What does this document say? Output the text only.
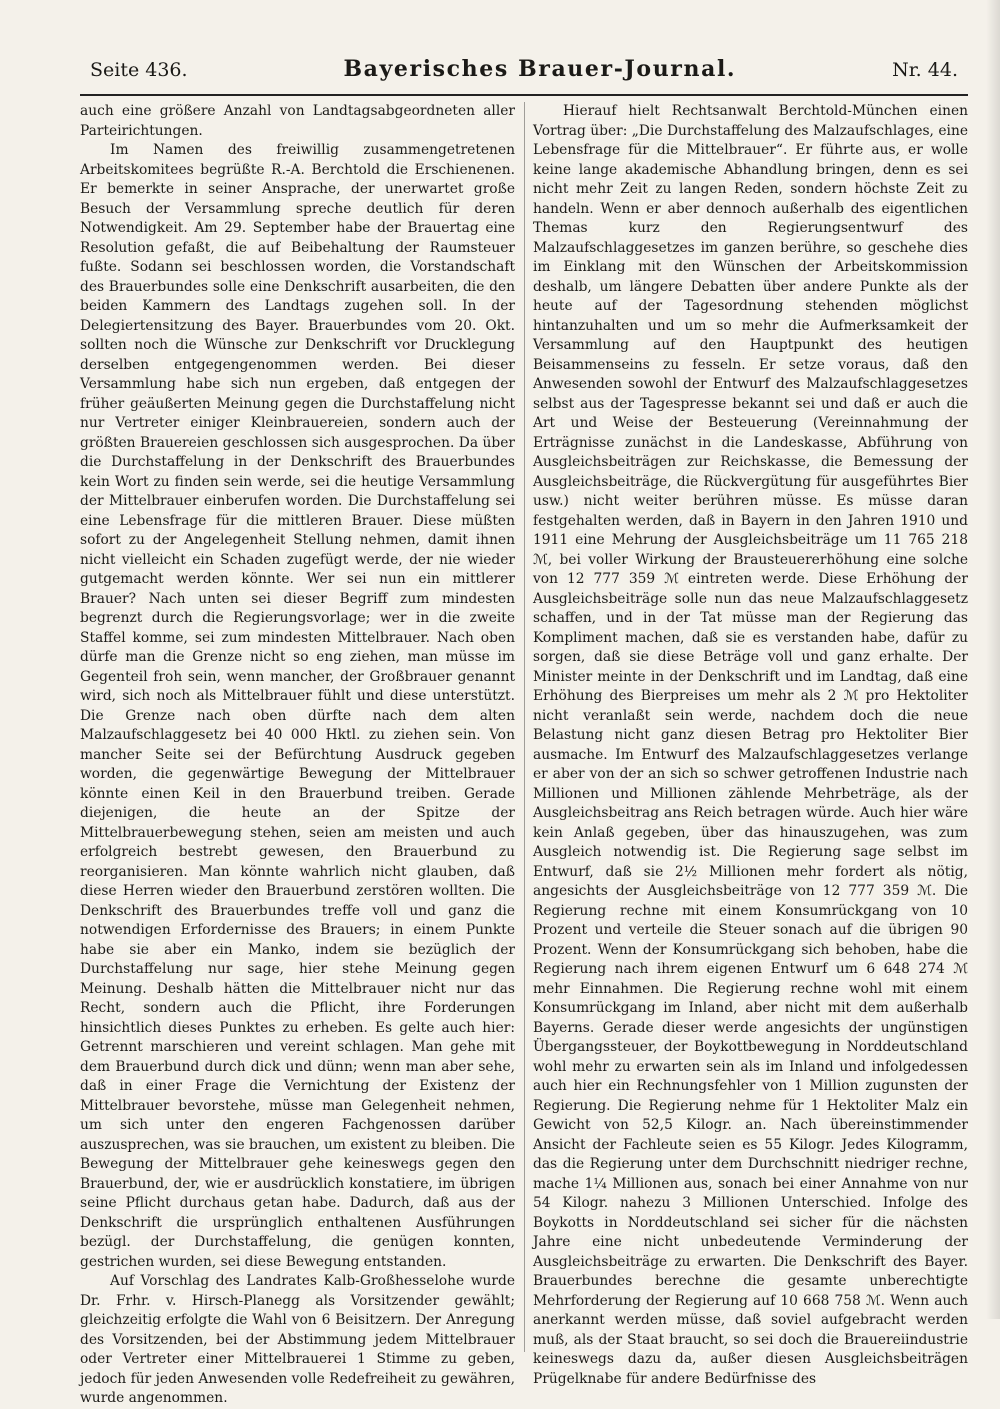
Seite 436.	Bayerisches Brauer-Journal.	Nr. 44.

auch eine größere Anzahl von Landtagsabgeordneten aller Parteirichtungen.

Im Namen des freiwillig zusammengetretenen Arbeitskomitees begrüßte R.-A. Berchtold die Erschienenen. Er bemerkte in seiner Ansprache, der unerwartet große Besuch der Versammlung spreche deutlich für deren Notwendigkeit. Am 29. September habe der Brauertag eine Resolution gefaßt, die auf Beibehaltung der Raumsteuer fußte. Sodann sei beschlossen worden, die Vorstandschaft des Brauerbundes solle eine Denkschrift ausarbeiten, die den beiden Kammern des Landtags zugehen soll. In der Delegiertensitzung des Bayer. Brauerbundes vom 20. Okt. sollten noch die Wünsche zur Denkschrift vor Drucklegung derselben entgegengenommen werden. Bei dieser Versammlung habe sich nun ergeben, daß entgegen der früher geäußerten Meinung gegen die Durchstaffelung nicht nur Vertreter einiger Kleinbrauereien, sondern auch der größten Brauereien geschlossen sich ausgesprochen. Da über die Durchstaffelung in der Denkschrift des Brauerbundes kein Wort zu finden sein werde, sei die heutige Versammlung der Mittelbrauer einberufen worden. Die Durchstaffelung sei eine Lebensfrage für die mittleren Brauer. Diese müßten sofort zu der Angelegenheit Stellung nehmen, damit ihnen nicht vielleicht ein Schaden zugefügt werde, der nie wieder gutgemacht werden könnte. Wer sei nun ein mittlerer Brauer? Nach unten sei dieser Begriff zum mindesten begrenzt durch die Regierungsvorlage; wer in die zweite Staffel komme, sei zum mindesten Mittelbrauer. Nach oben dürfe man die Grenze nicht so eng ziehen, man müsse im Gegenteil froh sein, wenn mancher, der Großbrauer genannt wird, sich noch als Mittelbrauer fühlt und diese unterstützt. Die Grenze nach oben dürfte nach dem alten Malzaufschlaggesetz bei 40 000 Hktl. zu ziehen sein. Von mancher Seite sei der Befürchtung Ausdruck gegeben worden, die gegenwärtige Bewegung der Mittelbrauer könnte einen Keil in den Brauerbund treiben. Gerade diejenigen, die heute an der Spitze der Mittelbrauerbewegung stehen, seien am meisten und auch erfolgreich bestrebt gewesen, den Brauerbund zu reorganisieren. Man könnte wahrlich nicht glauben, daß diese Herren wieder den Brauerbund zerstören wollten. Die Denkschrift des Brauerbundes treffe voll und ganz die notwendigen Erfordernisse des Brauers; in einem Punkte habe sie aber ein Manko, indem sie bezüglich der Durchstaffelung nur sage, hier stehe Meinung gegen Meinung. Deshalb hätten die Mittelbrauer nicht nur das Recht, sondern auch die Pflicht, ihre Forderungen hinsichtlich dieses Punktes zu erheben. Es gelte auch hier: Getrennt marschieren und vereint schlagen. Man gehe mit dem Brauerbund durch dick und dünn; wenn man aber sehe, daß in einer Frage die Vernichtung der Existenz der Mittelbrauer bevorstehe, müsse man Gelegenheit nehmen, um sich unter den engeren Fachgenossen darüber auszusprechen, was sie brauchen, um existent zu bleiben. Die Bewegung der Mittelbrauer gehe keineswegs gegen den Brauerbund, der, wie er ausdrücklich konstatiere, im übrigen seine Pflicht durchaus getan habe. Dadurch, daß aus der Denkschrift die ursprünglich enthaltenen Ausführungen bezügl. der Durchstaffelung, die genügen konnten, gestrichen wurden, sei diese Bewegung entstanden.

Auf Vorschlag des Landrates Kalb-Großhesselohe wurde Dr. Frhr. v. Hirsch-Planegg als Vorsitzender gewählt; gleichzeitig erfolgte die Wahl von 6 Beisitzern. Der Anregung des Vorsitzenden, bei der Abstimmung jedem Mittelbrauer oder Vertreter einer Mittelbrauerei 1 Stimme zu geben, jedoch für jeden Anwesenden volle Redefreiheit zu gewähren, wurde angenommen.

Hierauf hielt Rechtsanwalt Berchtold-München einen Vortrag über: „Die Durchstaffelung des Malzaufschlages, eine Lebensfrage für die Mittelbrauer“. Er führte aus, er wolle keine lange akademische Abhandlung bringen, denn es sei nicht mehr Zeit zu langen Reden, sondern höchste Zeit zu handeln. Wenn er aber dennoch außerhalb des eigentlichen Themas kurz den Regierungsentwurf des Malzaufschlaggesetzes im ganzen berühre, so geschehe dies im Einklang mit den Wünschen der Arbeitskommission deshalb, um längere Debatten über andere Punkte als der heute auf der Tagesordnung stehenden möglichst hintanzuhalten und um so mehr die Aufmerksamkeit der Versammlung auf den Hauptpunkt des heutigen Beisammenseins zu fesseln. Er setze voraus, daß den Anwesenden sowohl der Entwurf des Malzaufschlaggesetzes selbst aus der Tagespresse bekannt sei und daß er auch die Art und Weise der Besteuerung (Vereinnahmung der Erträgnisse zunächst in die Landeskasse, Abführung von Ausgleichsbeiträgen zur Reichskasse, die Bemessung der Ausgleichsbeiträge, die Rückvergütung für ausgeführtes Bier usw.) nicht weiter berühren müsse. Es müsse daran festgehalten werden, daß in Bayern in den Jahren 1910 und 1911 eine Mehrung der Ausgleichsbeiträge um 11 765 218 ℳ, bei voller Wirkung der Brausteuererhöhung eine solche von 12 777 359 ℳ eintreten werde. Diese Erhöhung der Ausgleichsbeiträge solle nun das neue Malzaufschlaggesetz schaffen, und in der Tat müsse man der Regierung das Kompliment machen, daß sie es verstanden habe, dafür zu sorgen, daß sie diese Beträge voll und ganz erhalte. Der Minister meinte in der Denkschrift und im Landtag, daß eine Erhöhung des Bierpreises um mehr als 2 ℳ pro Hektoliter nicht veranlaßt sein werde, nachdem doch die neue Belastung nicht ganz diesen Betrag pro Hektoliter Bier ausmache. Im Entwurf des Malzaufschlaggesetzes verlange er aber von der an sich so schwer getroffenen Industrie nach Millionen und Millionen zählende Mehrbeträge, als der Ausgleichsbeitrag ans Reich betragen würde. Auch hier wäre kein Anlaß gegeben, über das hinauszugehen, was zum Ausgleich notwendig ist. Die Regierung sage selbst im Entwurf, daß sie 2½ Millionen mehr fordert als nötig, angesichts der Ausgleichsbeiträge von 12 777 359 ℳ. Die Regierung rechne mit einem Konsumrückgang von 10 Prozent und verteile die Steuer sonach auf die übrigen 90 Prozent. Wenn der Konsumrückgang sich behoben, habe die Regierung nach ihrem eigenen Entwurf um 6 648 274 ℳ mehr Einnahmen. Die Regierung rechne wohl mit einem Konsumrückgang im Inland, aber nicht mit dem außerhalb Bayerns. Gerade dieser werde angesichts der ungünstigen Übergangssteuer, der Boykottbewegung in Norddeutschland wohl mehr zu erwarten sein als im Inland und infolgedessen auch hier ein Rechnungsfehler von 1 Million zugunsten der Regierung. Die Regierung nehme für 1 Hektoliter Malz ein Gewicht von 52,5 Kilogr. an. Nach übereinstimmender Ansicht der Fachleute seien es 55 Kilogr. Jedes Kilogramm, das die Regierung unter dem Durchschnitt niedriger rechne, mache 1¼ Millionen aus, sonach bei einer Annahme von nur 54 Kilogr. nahezu 3 Millionen Unterschied. Infolge des Boykotts in Norddeutschland sei sicher für die nächsten Jahre eine nicht unbedeutende Verminderung der Ausgleichsbeiträge zu erwarten. Die Denkschrift des Bayer. Brauerbundes berechne die gesamte unberechtigte Mehrforderung der Regierung auf 10 668 758 ℳ. Wenn auch anerkannt werden müsse, daß soviel aufgebracht werden muß, als der Staat braucht, so sei doch die Brauereiindustrie keineswegs dazu da, außer diesen Ausgleichsbeiträgen Prügelknabe für andere Bedürfnisse des
